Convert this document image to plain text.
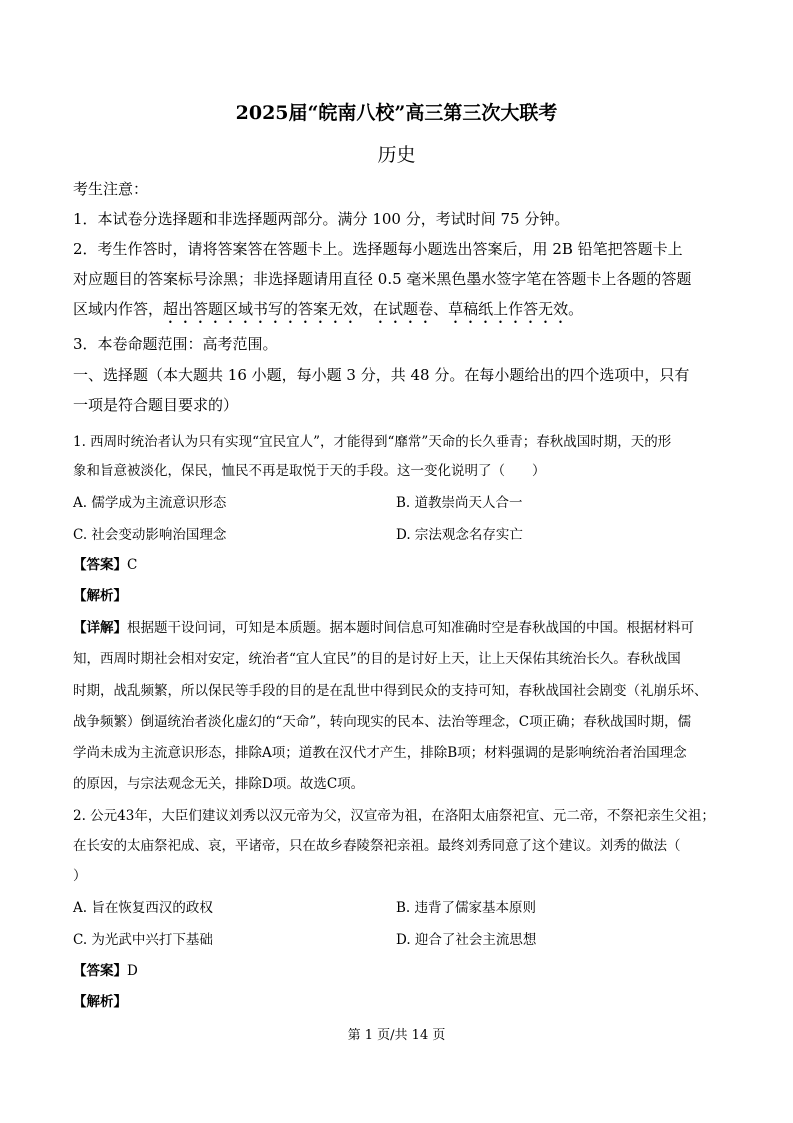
2025届“皖南八校”高三第三次大联考
历史
考生注意：
1．本试卷分选择题和非选择题两部分。满分 100 分，考试时间 75 分钟。
2．考生作答时，请将答案答在答题卡上。选择题每小题选出答案后，用 2B 铅笔把答题卡上
对应题目的答案标号涂黑；非选择题请用直径 0.5 毫米黑色墨水签字笔在答题卡上各题的答题
区域内作答，超出答题区域书写的答案无效，在试题卷、草稿纸上作答无效。
3．本卷命题范围：高考范围。
一、选择题（本大题共 16 小题，每小题 3 分，共 48 分。在每小题给出的四个选项中，只有
一项是符合题目要求的）
1. 西周时统治者认为只有实现“宜民宜人”，才能得到“靡常”天命的长久垂青；春秋战国时期，天的形
象和旨意被淡化，保民，恤民不再是取悦于天的手段。这一变化说明了（　　）
A. 儒学成为主流意识形态	B. 道教崇尚天人合一
C. 社会变动影响治国理念	D. 宗法观念名存实亡
【答案】C
【解析】
【详解】根据题干设问词，可知是本质题。据本题时间信息可知准确时空是春秋战国的中国。根据材料可
知，西周时期社会相对安定，统治者“宜人宜民”的目的是讨好上天，让上天保佑其统治长久。春秋战国
时期，战乱频繁，所以保民等手段的目的是在乱世中得到民众的支持可知，春秋战国社会剧变（礼崩乐坏、
战争频繁）倒逼统治者淡化虚幻的“天命”，转向现实的民本、法治等理念，C项正确；春秋战国时期，儒
学尚未成为主流意识形态，排除A项；道教在汉代才产生，排除B项；材料强调的是影响统治者治国理念
的原因，与宗法观念无关，排除D项。故选C项。
2. 公元43年，大臣们建议刘秀以汉元帝为父，汉宣帝为祖，在洛阳太庙祭祀宣、元二帝，不祭祀亲生父祖；
在长安的太庙祭祀成、哀，平诸帝，只在故乡舂陵祭祀亲祖。最终刘秀同意了这个建议。刘秀的做法（
）
A. 旨在恢复西汉的政权	B. 违背了儒家基本原则
C. 为光武中兴打下基础	D. 迎合了社会主流思想
【答案】D
【解析】
第 1 页/共 14 页
